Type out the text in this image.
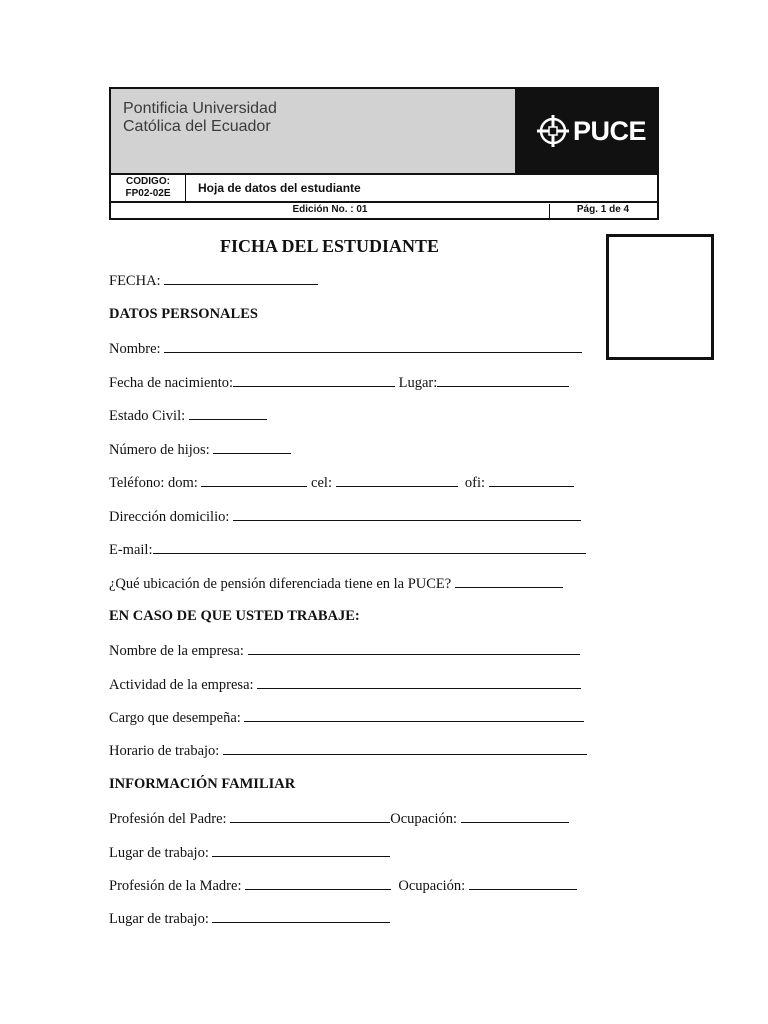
Pontificia Universidad
Católica del Ecuador	PUCE
CODIGO:
FP02-02E	Hoja de datos del estudiante
Edición No. : 01	Pág. 1 de 4
FICHA DEL ESTUDIANTE
FECHA:
DATOS PERSONALES
Nombre:
Fecha de nacimiento:	Lugar:
Estado Civil:
Número de hijos:
Teléfono: dom:	cel:	ofi:
Dirección domicilio:
E-mail:
¿Qué ubicación de pensión diferenciada tiene en la PUCE?
EN CASO DE QUE USTED TRABAJE:
Nombre de la empresa:
Actividad de la empresa:
Cargo que desempeña:
Horario de trabajo:
INFORMACIÓN FAMILIAR
Profesión del Padre:	Ocupación:
Lugar de trabajo:
Profesión de la Madre:	Ocupación:
Lugar de trabajo:
